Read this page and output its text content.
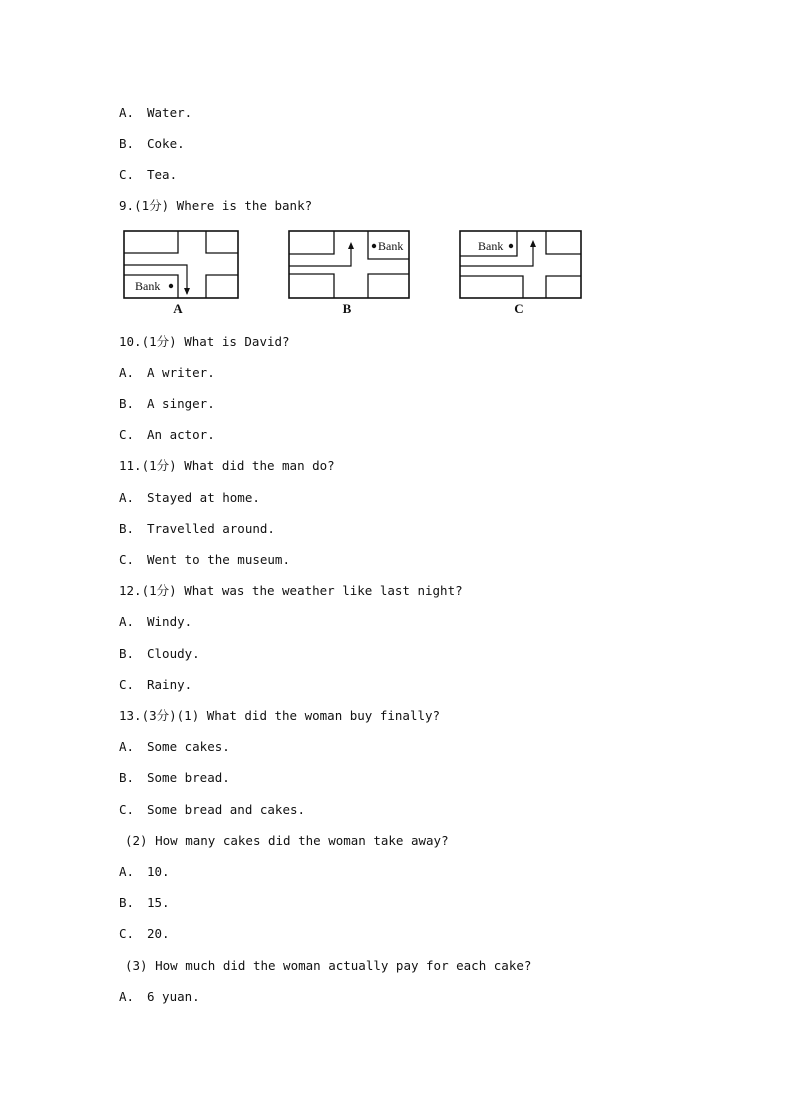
A. Water.
B. Coke.
C. Tea.
9.(1分) Where is the bank?
Bank
A
Bank
B
Bank
C
10.(1分) What is David?
A. A writer.
B. A singer.
C. An actor.
11.(1分) What did the man do?
A. Stayed at home.
B. Travelled around.
C. Went to the museum.
12.(1分) What was the weather like last night?
A. Windy.
B. Cloudy.
C. Rainy.
13.(3分)(1) What did the woman buy finally?
A. Some cakes.
B. Some bread.
C. Some bread and cakes.
(2) How many cakes did the woman take away?
A. 10.
B. 15.
C. 20.
(3) How much did the woman actually pay for each cake?
A. 6 yuan.
